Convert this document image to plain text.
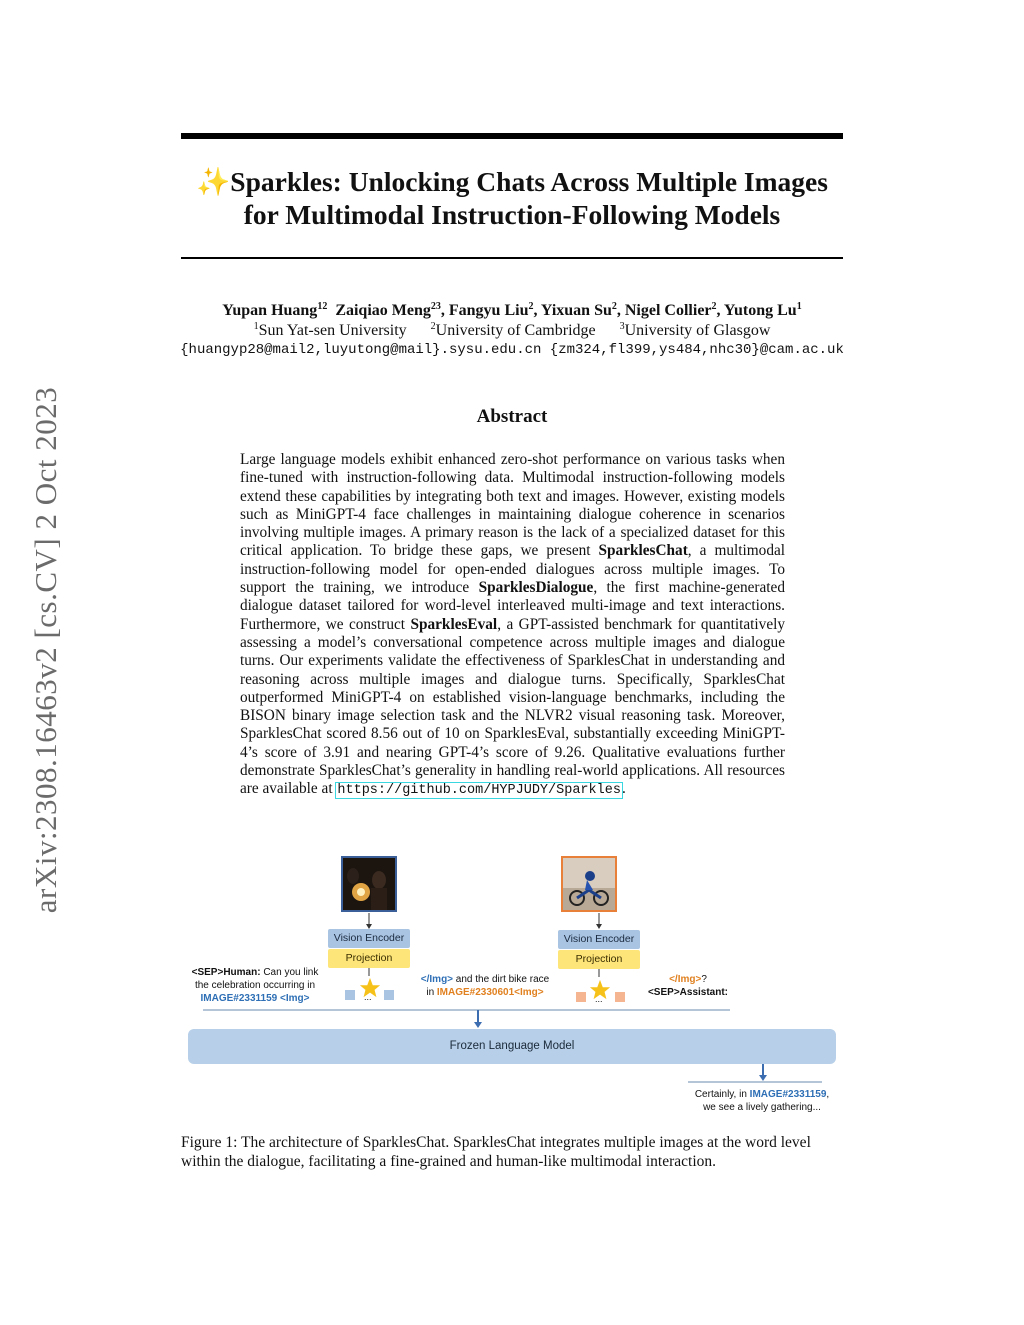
arXiv:2308.16463v2 [cs.CV] 2 Oct 2023
✨Sparkles: Unlocking Chats Across Multiple Images
for Multimodal Instruction-Following Models
Yupan Huang$^{12}$ Zaiqiao Meng$^{23}$, Fangyu Liu$^2$, Yixuan Su$^2$, Nigel Collier$^2$, Yutong Lu$^1$
$^1$Sun Yat-sen University $^2$University of Cambridge $^3$University of Glasgow
{huangyp28@mail2,luyutong@mail}.sysu.edu.cn {zm324,fl399,ys484,nhc30}@cam.ac.uk
Abstract
Large language models exhibit enhanced zero-shot performance on various tasks when fine-tuned with instruction-following data. Multimodal instruction-following models extend these capabilities by integrating both text and images. However, existing models such as MiniGPT-4 face challenges in maintaining dialogue coherence in scenarios involving multiple images. A primary reason is the lack of a specialized dataset for this critical application. To bridge these gaps, we present SparklesChat, a multimodal instruction-following model for open-ended dialogues across multiple images. To support the training, we introduce SparklesDialogue, the first machine-generated dialogue dataset tailored for word-level interleaved multi-image and text interactions. Furthermore, we construct SparklesEval, a GPT-assisted benchmark for quantitatively assessing a model’s conversational competence across multiple images and dialogue turns. Our experiments validate the effectiveness of SparklesChat in understanding and reasoning across multiple images and dialogue turns. Specifically, SparklesChat outperformed MiniGPT-4 on established vision-language benchmarks, including the BISON binary image selection task and the NLVR2 visual reasoning task. Moreover, SparklesChat scored 8.56 out of 10 on SparklesEval, substantially exceeding MiniGPT-4’s score of 3.91 and nearing GPT-4’s score of 9.26. Qualitative evaluations further demonstrate SparklesChat’s generality in handling real-world applications. All resources are available at https://github.com/HYPJUDY/Sparkles.
Vision Encoder
Projection
Vision Encoder
Projection
...	...
<SEP>Human: Can you link the celebration occurring in
IMAGE#2331159 <Img>
</Img> and the dirt bike race
in IMAGE#2330601<Img>
</Img>?
<SEP>Assistant:
Frozen Language Model
Certainly, in IMAGE#2331159,
we see a lively gathering...
Figure 1: The architecture of SparklesChat. SparklesChat integrates multiple images at the word level within the dialogue, facilitating a fine-grained and human-like multimodal interaction.
